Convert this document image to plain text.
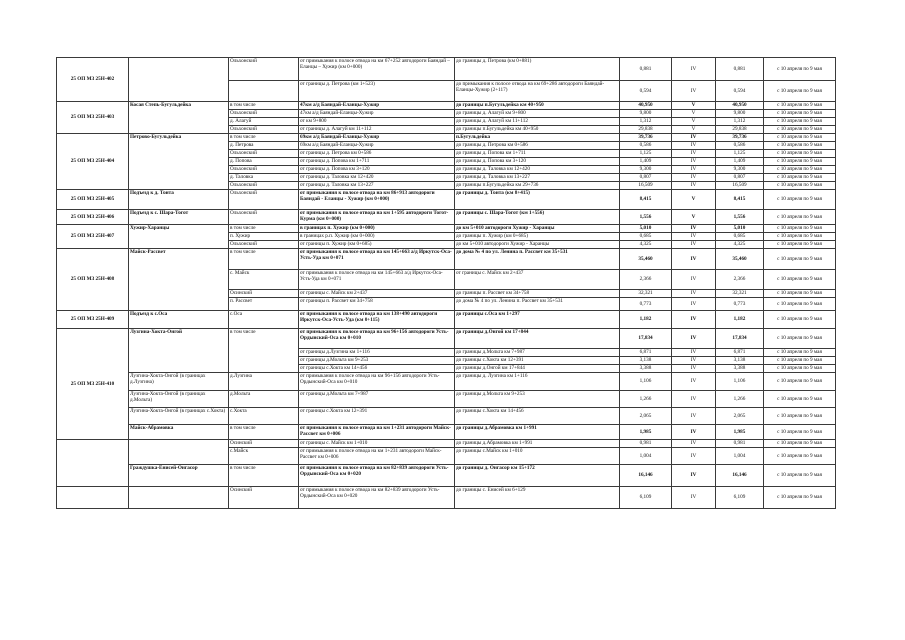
25 ОП МЗ 25Н-402		Ольхонский	от примыкания к полосе отвода на км 67+252 автодороги Баяндай – Еланцы – Хужир (км 0+000)	до границы д. Петрова (км 0+881)	0,881	IV	0,881	с 10 апреля по 9 мая
			от границы д. Петрова (км 1+523)	до примыкания к полосе отвода на км 69+286 автодороги Баяндай-Еланцы-Хужир (2+117)	0,594	IV	0,594	с 10 апреля по 9 мая
25 ОП МЗ 25Н-403	Косая Степь-Бугульдейка	в том числе	47км а/д Баяндай-Еланцы-Хужир	до границы п.Бугульдейка км 40+950	40,950	V	40,950	с 10 апреля по 9 мая
		Ольхонский	47км а/д Баяндай-Еланцы-Хужир	до границы д. Алагуй км 9+800	9,800	V	9,800	с 10 апреля по 9 мая
		д. Алагуй	от км 9+800	до границы д. Алагуй км 11+112	1,312	V	1,312	с 10 апреля по 9 мая
		Ольхонский	от границы д. Алагуй км 11+112	до границы п.Бугульдейка км 40+950	29,838	V	29,838	с 10 апреля по 9 мая
25 ОП МЗ 25Н-404	Петрово-Бугульдейка	в том числе	69км а/д Баяндай-Еланцы-Хужир	п.Бугульдейка	39,736	IV	39,736	с 10 апреля по 9 мая
		д. Петрова	69км а/д Баяндай-Еланцы-Хужир	до границы д. Петрова км 0+586	0,586	IV	0,586	с 10 апреля по 9 мая
		Ольхонский	от границы д. Петрова км 0+586	до границы д. Попова км 1+711	1,125	IV	1,125	с 10 апреля по 9 мая
		д. Попова	от границы д. Попова км 1+711	до границы д. Попова км 3+120	1,409	IV	1,409	с 10 апреля по 9 мая
		Ольхонский	от границы д. Попова км 3+120	до границы д. Таловка км 12+420	9,300	IV	9,300	с 10 апреля по 9 мая
		д. Таловка	от границы д. Таловка км 12+420	до границы д. Таловка км 13+227	0,807	IV	0,807	с 10 апреля по 9 мая
		Ольхонский	от границы д. Таловка км 13+227	до границы п.Бугульдейка км 29+736	16,509	IV	16,509	с 10 апреля по 9 мая
25 ОП МЗ 25Н-405	Подъезд к д. Тонта	Ольхонский	от примыкания к полосе отвода на км 86+913 автодороги Баяндай - Еланцы - Хужир (км 0+000)	до границы д. Тонта (км 8+415)	8,415	V	8,415	с 10 апреля по 9 мая
25 ОП МЗ 25Н-406	Подъезд к с. Шара-Тогот	Ольхонский	от примыкания к полосе отвода на км 1+595 автодороги Тогот-Курма (км 0+000)	до границы с. Шара-Тогот (км 1+556)	1,556	V	1,556	с 10 апреля по 9 мая
25 ОП МЗ 25Н-407	Хужир-Харанцы	в том числе	в границах п. Хужир (км 0+000)	до км 5+010 автодороги Хужир - Харанцы	5,010	IV	5,010	с 10 апреля по 9 мая
		п. Хужир	в границах р.п. Хужир (км 0+000)	до границы п. Хужир (км 0+685)	0,685	IV	0,685	с 10 апреля по 9 мая
		Ольхонский	от границы п. Хужир (км 0+685)	до км 5+010 автодороги Хужир - Харанцы	4,325	IV	4,325	с 10 апреля по 9 мая
25 ОП МЗ 25Н-408	Майск-Рассвет	в том числе	от примыкания к полосе отвода на км 145+663 а/д Иркутск-Оса-Усть-Уда км 0+071	до дома № 4 по ул. Ленина п. Рассвет км 35+531	35,460	IV	35,460	с 10 апреля по 9 мая
		с. Майск	от примыкания к полосе отвода на км 145+663 а/д Иркутск-Оса-Усть-Уда км 0+071	от границы с. Майск км 2+437	2,366	IV	2,366	с 10 апреля по 9 мая
		Осинский	от границы с. Майск км 2+437	до границы п. Рассвет км 34+758	32,321	IV	32,321	с 10 апреля по 9 мая
		п. Рассвет	от границы п. Рассвет км 34+758	до дома № 4 по ул. Ленина п. Рассвет км 35+531	0,773	IV	0,773	с 10 апреля по 9 мая
25 ОП МЗ 25Н-409	Подъезд к с.Оса	с.Оса	от примыкания к полосе отвода на км 138+490 автодороги Иркутск-Оса-Усть-Уда (км 0+115)	до границы с.Оса км 1+297	1,182	IV	1,182	с 10 апреля по 9 мая
25 ОП МЗ 25Н-410	Лузгина-Хокта-Онгой	в том числе	от примыкания к полосе отвода на км 96+156 автодороги Усть-Ордынский-Оса км 0+010	до границы д.Онгой км 17+844	17,834	IV	17,834	с 10 апреля по 9 мая
			от границы д.Лузгина км 1+116	до границы д.Мольта км 7+987	6,871	IV	6,871	с 10 апреля по 9 мая
			от границы д.Мольта км 9+253	до границы с.Хокта км 12+391	3,138	IV	3,138	с 10 апреля по 9 мая
			от границы с.Хокта км 14+456	до границы д.Онгой км 17+844	3,388	IV	3,388	с 10 апреля по 9 мая
	Лузгина-Хокта-Онгой (в границах д.Лузгина)	д.Лузгина	от примыкания к полосе отвода на км 96+156 автодороги Усть-Ордынский-Оса км 0+010	до границы д. Лузгина км 1+116	1,106	IV	1,106	с 10 апреля по 9 мая
	Лузгина-Хокта-Онгой (в границах д.Мольта)	д.Мольта	от границы д.Мольта км 7+987	до границы д.Мольта км 9+253	1,266	IV	1,266	с 10 апреля по 9 мая
	Лузгина-Хокта-Онгой (в границах с.Хокта)	с.Хокта	от границы с.Хокта км 12+391	до границы с.Хокта км 14+456	2,065	IV	2,065	с 10 апреля по 9 мая
	Майск-Абрамовка	в том числе	от примыкания к полосе отвода на км 1+231 автодороги Майск-Рассвет км 0+006	до границы д.Абрамовка км 1+991	1,985	IV	1,985	с 10 апреля по 9 мая
		Осинский	от границы с. Майск км 1+010	до границы д.Абрамовка км 1+991	0,981	IV	0,981	с 10 апреля по 9 мая
		с.Майск	от примыкания к полосе отвода на км 1+231 автодороги Майск-Рассвет км 0+006	до границы с.Майск км 1+010	1,004	IV	1,004	с 10 апреля по 9 мая
	Граждушка-Енисей-Онгасор	в том числе	от примыкания к полосе отвода на км 82+839 автодороги Усть-Ордынский-Оса км 0+020	до границы д. Онгасор км 15+172	16,146	IV	16,146	с 10 апреля по 9 мая
		Осинский	от примыкания к полосе отвода на км 82+839 автодороги Усть-Ордынский-Оса км 0+020	до границы с. Енисей км 6+129	6,109	IV	6,109	с 10 апреля по 9 мая
